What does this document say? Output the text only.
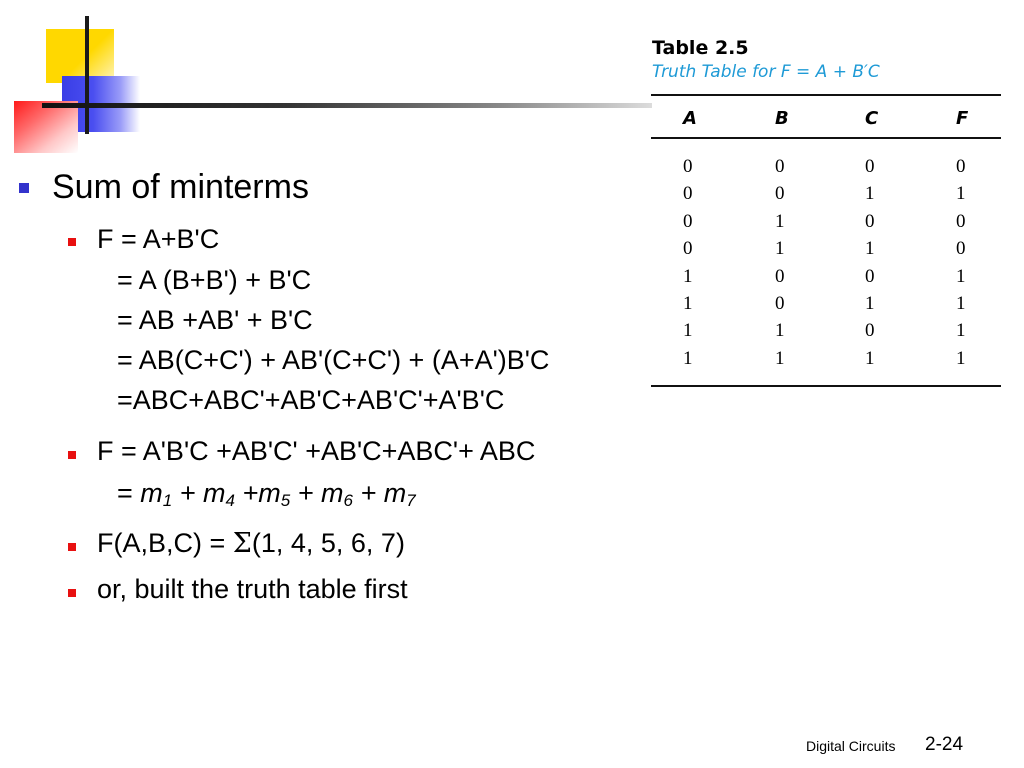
Table 2.5
Truth Table for F = A + B′C
A	B	C	F
0	0	0	0
0	0	1	1
0	1	0	0
0	1	1	0
1	0	0	1
1	0	1	1
1	1	0	1
1	1	1	1
Sum of minterms
F = A+B'C
= A (B+B') + B'C
= AB +AB' + B'C
= AB(C+C') + AB'(C+C') + (A+A')B'C
=ABC+ABC'+AB'C+AB'C'+A'B'C
F = A'B'C +AB'C' +AB'C+ABC'+ ABC
= $m_1 + m_4 +m_5 + m_6 + m_7$
F(A,B,C) = Σ(1, 4, 5, 6, 7)
or, built the truth table first
Digital Circuits 2-24
